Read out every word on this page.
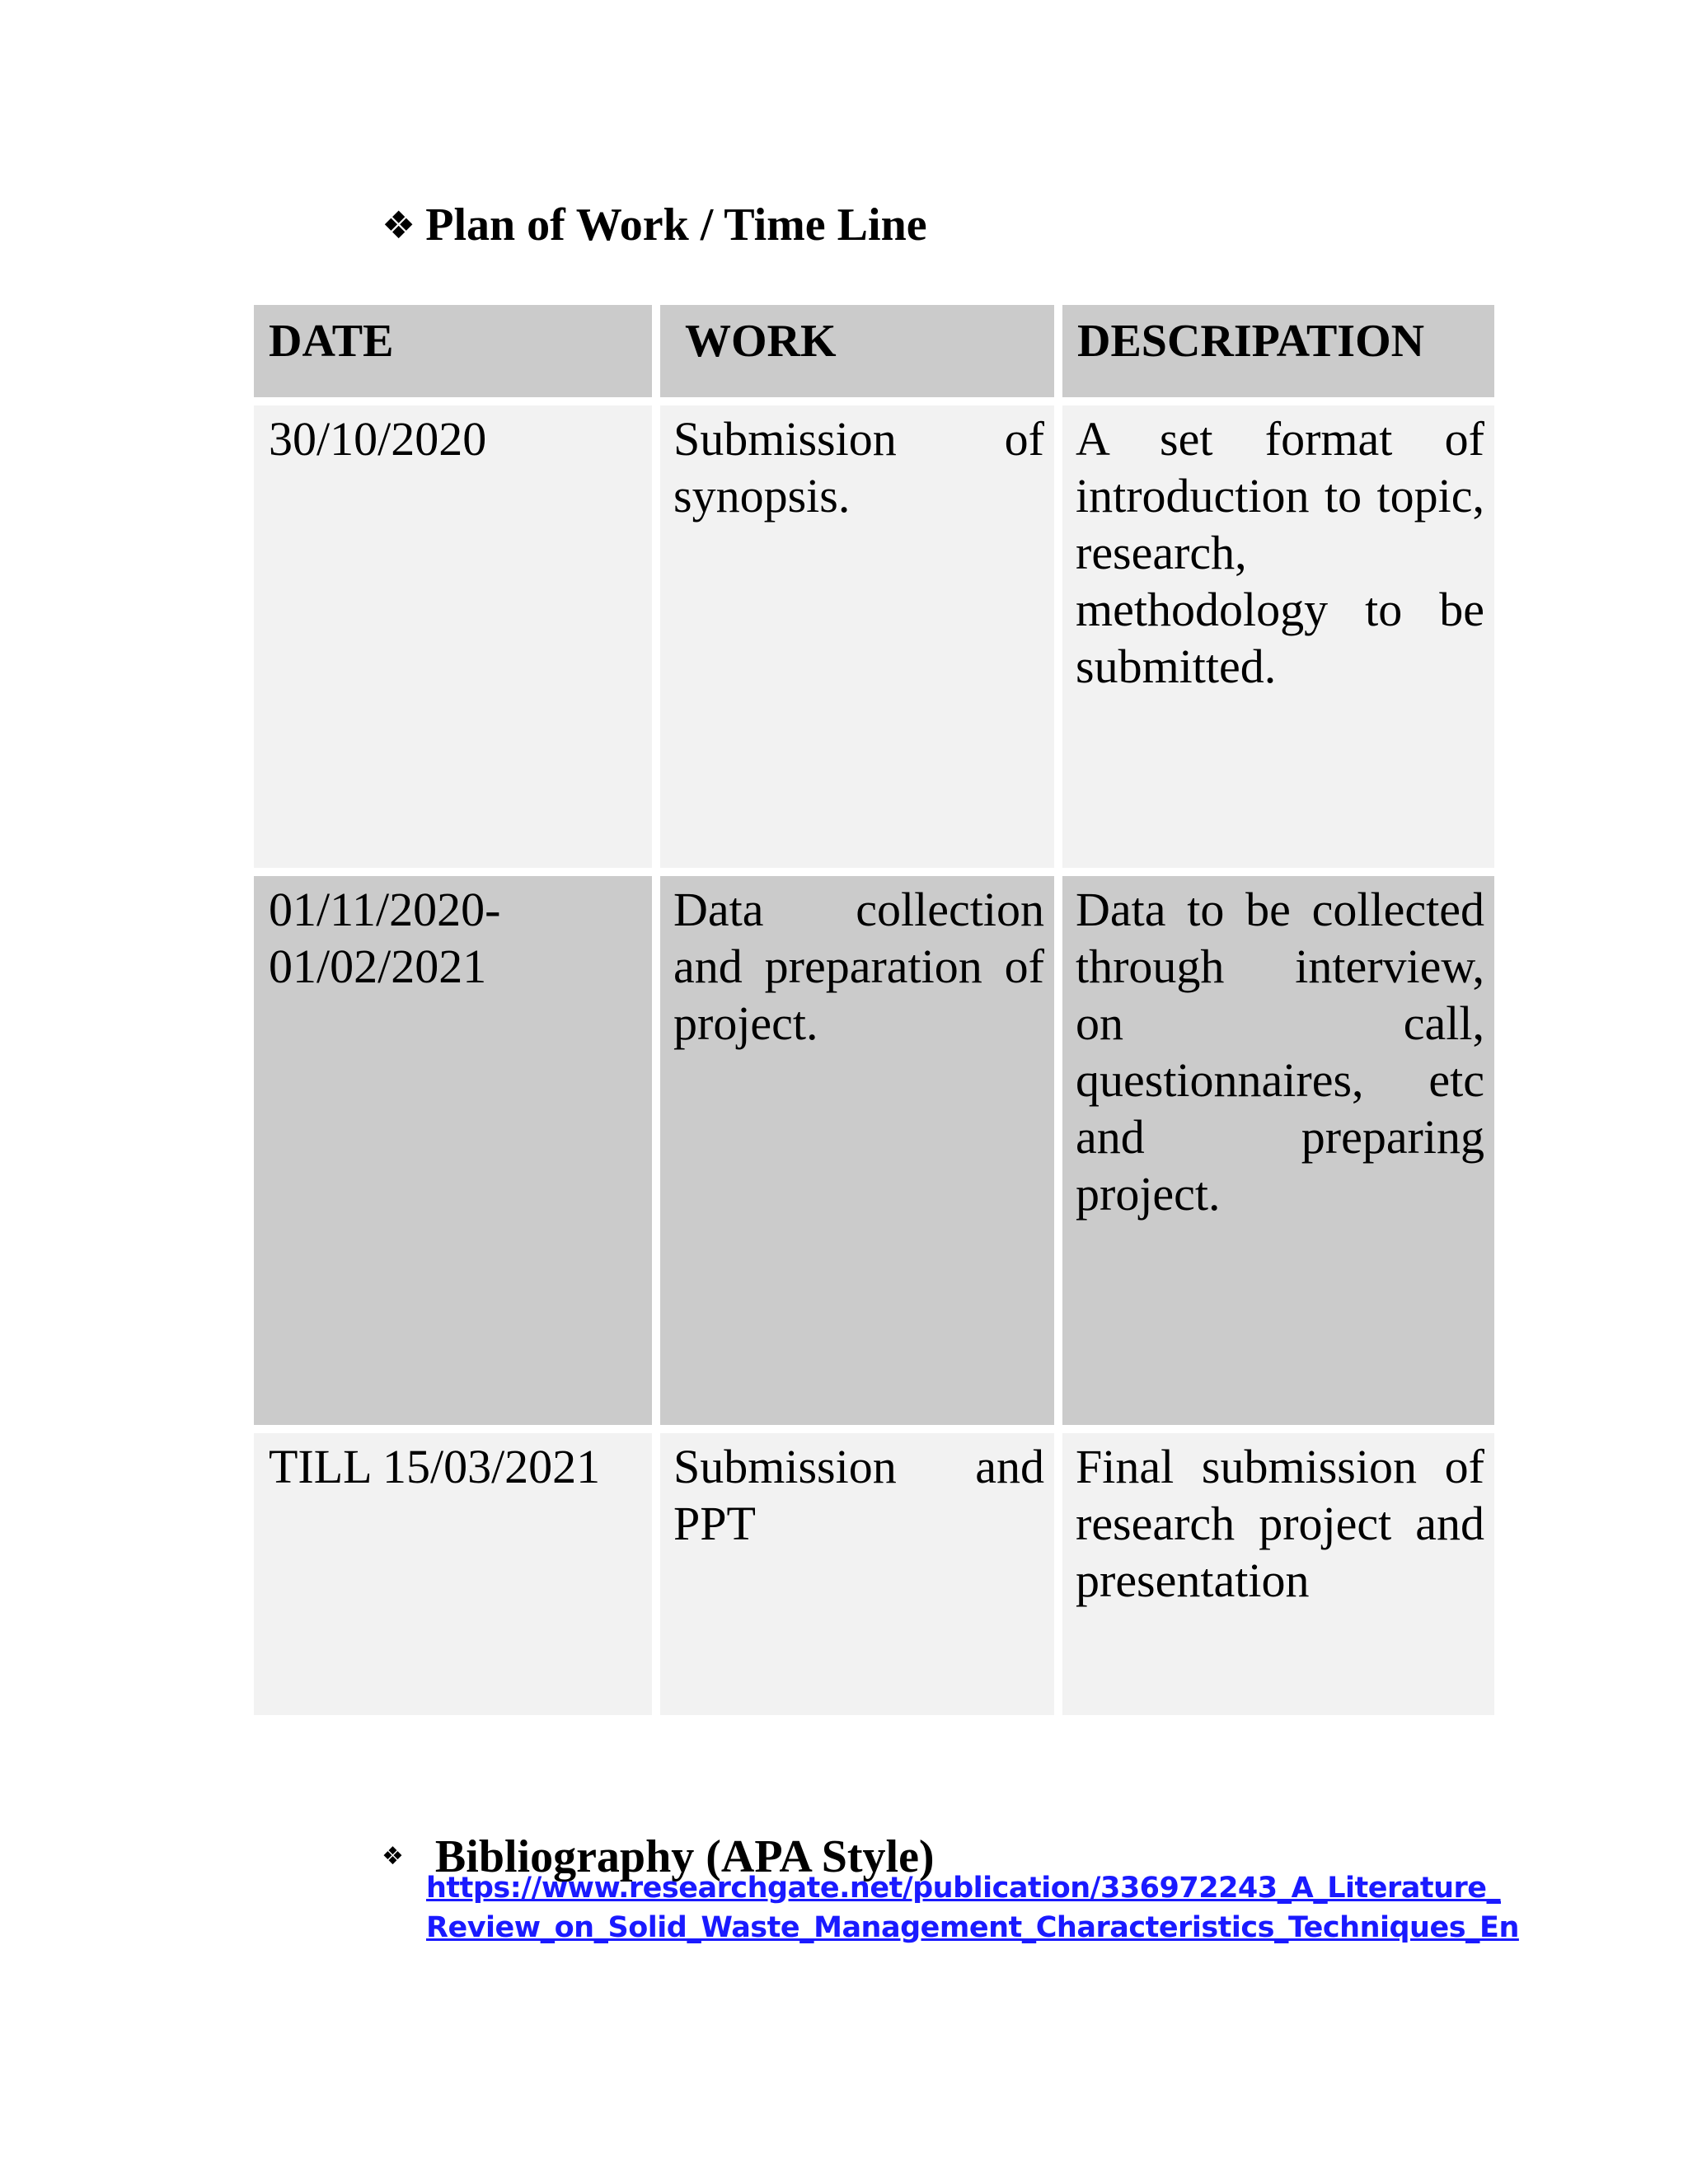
❖ Plan of Work / Time Line
DATE	WORK	DESCRIPATION
30/10/2020	Submission of synopsis.	A set format of introduction to topic, research, methodology to be submitted.
01/11/2020-01/02/2021	Data collection and preparation of project.	Data to be collected through interview, on call, questionnaires, etc and preparing project.
TILL 15/03/2021	Submission and PPT	Final submission of research project and presentation
❖ Bibliography (APA Style)
https://www.researchgate.net/publication/336972243_A_Literature_
Review_on_Solid_Waste_Management_Characteristics_Techniques_En
